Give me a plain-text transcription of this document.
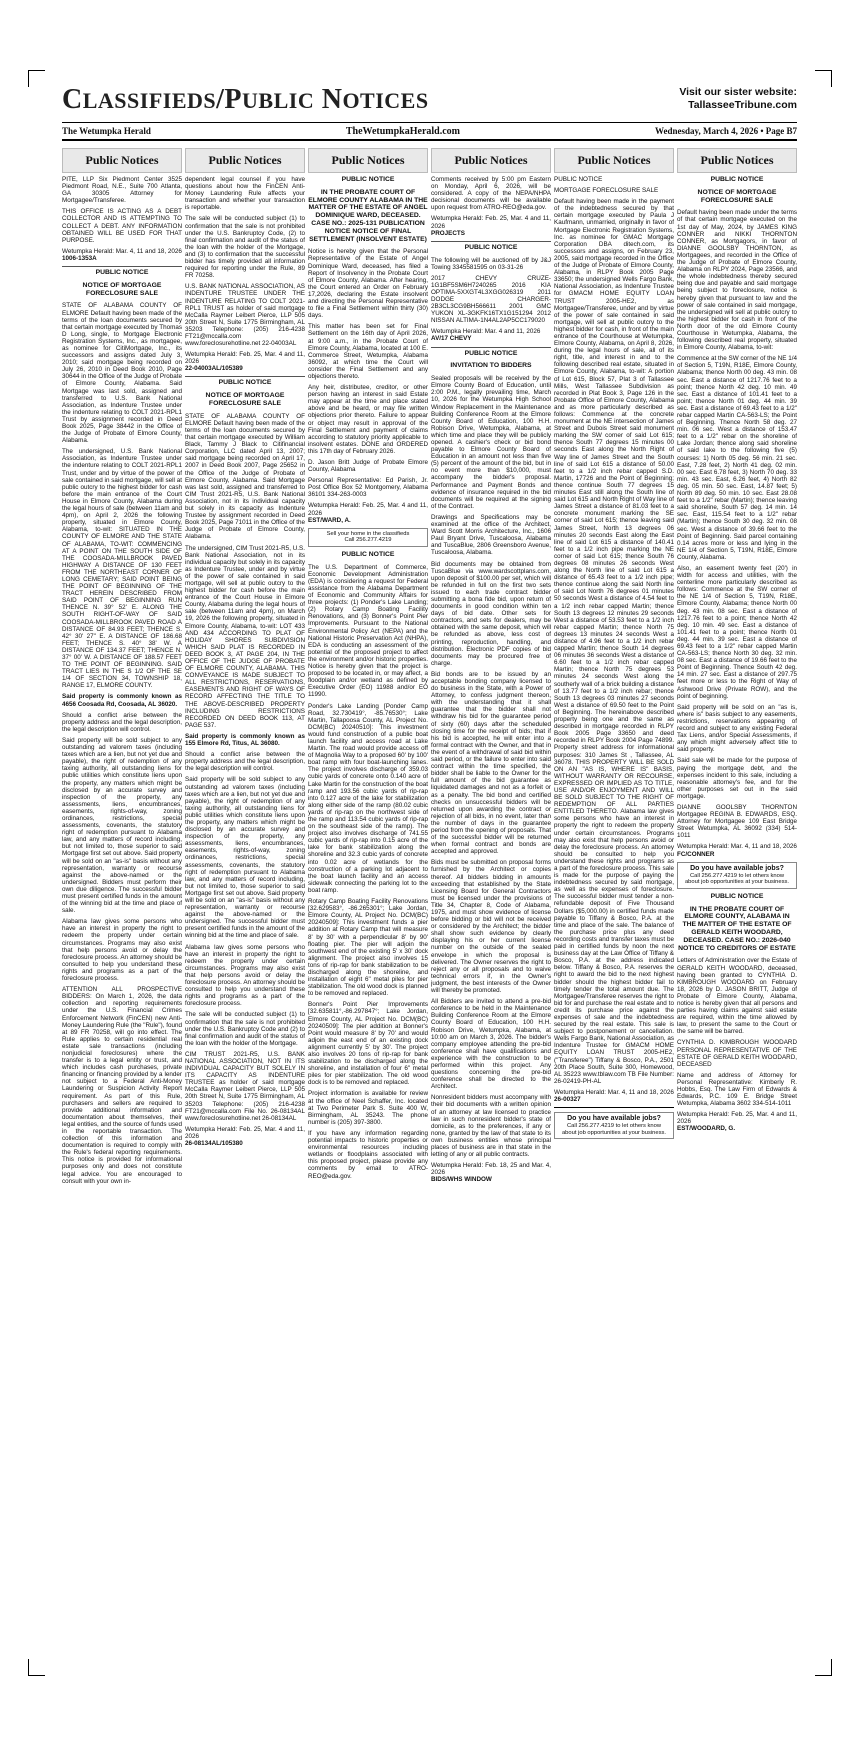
CLASSIFIEDS/PUBLIC NOTICES	Visit our sister website:
TallasseeTribune.com
The Wetumpka Herald	TheWetumpkaHerald.com	Wednesday, March 4, 2026 • Page B7
Public Notices

PITE, LLP Six Piedmont Center 3525 Piedmont Road, N.E., Suite 700 Atlanta, GA 30305 Attorney for Mortgagee/Transferee.

THIS OFFICE IS ACTING AS A DEBT COLLECTOR AND IS ATTEMPTING TO COLLECT A DEBT. ANY INFORMATION OBTAINED WILL BE USED FOR THAT PURPOSE.

Wetumpka Herald: Mar. 4, 11 and 18, 2026

1006-1353A

PUBLIC NOTICE
NOTICE OF MORTGAGE FORECLOSURE SALE

STATE OF ALABAMA COUNTY OF ELMORE Default having been made of the terms of the loan documents secured by that certain mortgage executed by Thomas D Long, single, to Mortgage Electronic Registration Systems, Inc., as mortgagee, as nominee for CitiMortgage, Inc., its successors and assigns dated July 3, 2010; said mortgage being recorded on July 26, 2010 in Deed Book 2010, Page 30644 in the Office of the Judge of Probate of Elmore County, Alabama. Said Mortgage was last sold, assigned and transferred to U.S. Bank National Association, as Indenture Trustee under the indenture relating to COLT 2021-RPL1 Trust by assignment recorded in Deed Book 2025, Page 38442 in the Office of the Judge of Probate of Elmore County, Alabama.

The undersigned, U.S. Bank National Association, as Indenture Trustee under the indenture relating to COLT 2021-RPL1 Trust, under and by virtue of the power of sale contained in said mortgage, will sell at public outcry to the highest bidder for cash before the main entrance of the Court House in Elmore County, Alabama during the legal hours of sale (between 11am and 4pm), on April 2, 2026 the following property, situated in Elmore County, Alabama, to-wit: SITUATED IN THE COUNTY OF ELMORE AND THE STATE OF ALABAMA, TO-WIT: COMMENCING AT A POINT ON THE SOUTH SIDE OF THE COOSADA-MILLBROOK PAVED HIGHWAY A DISTANCE OF 130 FEET FROM THE NORTHEAST CORNER OF LONG CEMETARY; SAID POINT BEING THE POINT OF BEGINNING OF THE TRACT HEREIN DESCRIBED FROM SAID POINT OF BEGINNING RUN THENCE N. 39° 52' E. ALONG THE SOUTH RIGHT-OF-WAY OF SAID COOSADA-MILLBROOK PAVED ROAD A DISTANCE OF 84.93 FEET; THENCE S. 42° 30' 27" E. A DISTANCE OF 186.68 FEET; THENCE S. 40° 38' W. A DISTANCE OF 134.37 FEET; THENCE N. 37° 00' W. A DISTANCE OF 188.57 FEET TO THE POINT OF BEGINNING. SAID TRACT LIES IN THE S 1/2 OF THE SE 1/4 OF SECTION 34, TOWNSHIP 18, RANGE 17, ELMORE COUNTY.

Said property is commonly known as 4656 Coosada Rd, Coosada, AL 36020.

Should a conflict arise between the property address and the legal description, the legal description will control.

Said property will be sold subject to any outstanding ad valorem taxes (including taxes which are a lien, but not yet due and payable), the right of redemption of any taxing authority, all outstanding liens for public utilities which constitute liens upon the property, any matters which might be disclosed by an accurate survey and inspection of the property, any assessments, liens, encumbrances, easements, rights-of-way, zoning ordinances, restrictions, special assessments, covenants, the statutory right of redemption pursuant to Alabama law, and any matters of record including, but not limited to, those superior to said Mortgage first set out above. Said property will be sold on an "as-is" basis without any representation, warranty or recourse against the above-named or the undersigned. Bidders must perform their own due diligence. The successful bidder must present certified funds in the amount of the winning bid at the time and place of sale.

Alabama law gives some persons who have an interest in property the right to redeem the property under certain circumstances. Programs may also exist that help persons avoid or delay the foreclosure process. An attorney should be consulted to help you understand these rights and programs as a part of the foreclosure process.

ATTENTION ALL PROSPECTIVE BIDDERS: On March 1, 2026, the data collection and reporting requirements under the U.S. Financial Crimes Enforcement Network (FinCEN) new Anti-Money Laundering Rule (the "Rule"), found at 89 FR 70258, will go into effect. The Rule applies to certain residential real estate sale transactions (including nonjudicial foreclosures) where the transfer is to a legal entity or trust, and which includes cash purchases, private financing or financing provided by a lender not subject to a Federal Anti-Money Laundering or Suspicion Activity Report requirement. As part of this Rule, purchasers and sellers are required to provide additional information and documentation about themselves, their legal entities, and the source of funds used in the reportable transaction. The collection of this information and documentation is required to comply with the Rule's federal reporting requirements. This notice is provided for informational purposes only and does not constitute legal advice. You are encouraged to consult with your own in-

Public Notices

dependent legal counsel if you have questions about how the FinCEN Anti-Money Laundering Rule affects your transaction and whether your transaction is reportable.

The sale will be conducted subject (1) to confirmation that the sale is not prohibited under the U.S. Bankruptcy Code, (2) to final confirmation and audit of the status of the loan with the holder of the Mortgage, and (3) to confirmation that the successful bidder has timely provided all information required for reporting under the Rule, 89 FR 70258.

U.S. BANK NATIONAL ASSOCIATION, AS INDENTURE TRUSTEE UNDER THE INDENTURE RELATING TO COLT 2021-RPL1 TRUST as holder of said mortgage McCalla Raymer Leibert Pierce, LLP 505 20th Street N, Suite 1775 Birmingham, AL 35203 Telephone: (205) 216-4238 FT21@mccalla.com www.foreclosurehotline.net 22-04003AL

Wetumpka Herald: Feb. 25, Mar. 4 and 11, 2026

22-04003AL/105389

PUBLIC NOTICE
NOTICE OF MORTGAGE FORECLOSURE SALE

STATE OF ALABAMA COUNTY OF ELMORE Default having been made of the terms of the loan documents secured by that certain mortgage executed by William Black, Tammy J Black to Citifinancial Corporation, LLC dated April 13, 2007; said mortgage being recorded on April 17, 2007 in Deed Book 2007, Page 25652 in the Office of the Judge of Probate of Elmore County, Alabama. Said Mortgage was last sold, assigned and transferred to CIM Trust 2021-R5, U.S. Bank National Association, not in its individual capacity but solely in its capacity as Indenture Trustee by assignment recorded in Deed Book 2025, Page 71011 in the Office of the Judge of Probate of Elmore County, Alabama.

The undersigned, CIM Trust 2021-R5, U.S. Bank National Association, not in its individual capacity but solely in its capacity as Indenture Trustee, under and by virtue of the power of sale contained in said mortgage, will sell at public outcry to the highest bidder for cash before the main entrance of the Court House in Elmore County, Alabama during the legal hours of sale (between 11am and 4pm), on March 19, 2026 the following property, situated in Elmore County, Alabama, to-wit: LOT 433 AND 434 ACCORDING TO PLAT OF HOLIDAY SHORES SUBDIVISION WHICH SAID PLAT IS RECORDED IN DEED BOOK 3, AT PAGE 204, IN THE OFFICE OF THE JUDGE OF PROBATE OF ELMORE COUNTY, ALABAMA. THIS CONVEYANCE IS MADE SUBJECT TO ALL RESTRICTIONS, RESERVATIONS, EASEMENTS AND RIGHT OF WAYS OF RECORD AFFECTING THE TITLE TO THE ABOVE-DESCRIBED PROPERTY INCLUDING RESTRICTIONS RECORDED ON DEED BOOK 113, AT PAGE 537.

Said property is commonly known as 155 Elmore Rd, Titus, AL 36080.

Should a conflict arise between the property address and the legal description, the legal description will control.

Said property will be sold subject to any outstanding ad valorem taxes (including taxes which are a lien, but not yet due and payable), the right of redemption of any taxing authority, all outstanding liens for public utilities which constitute liens upon the property, any matters which might be disclosed by an accurate survey and inspection of the property, any assessments, liens, encumbrances, easements, rights-of-way, zoning ordinances, restrictions, special assessments, covenants, the statutory right of redemption pursuant to Alabama law, and any matters of record including, but not limited to, those superior to said Mortgage first set out above. Said property will be sold on an "as-is" basis without any representation, warranty or recourse against the above-named or the undersigned. The successful bidder must present certified funds in the amount of the winning bid at the time and place of sale.

Alabama law gives some persons who have an interest in property the right to redeem the property under certain circumstances. Programs may also exist that help persons avoid or delay the foreclosure process. An attorney should be consulted to help you understand these rights and programs as a part of the foreclosure process.

The sale will be conducted subject (1) to confirmation that the sale is not prohibited under the U.S. Bankruptcy Code and (2) to final confirmation and audit of the status of the loan with the holder of the Mortgage.

CIM TRUST 2021-R5, U.S. BANK NATIONAL ASSOCIATION, NOT IN ITS INDIVIDUAL CAPACITY BUT SOLELY IN ITS CAPACITY AS INDENTURE TRUSTEE as holder of said mortgage McCalla Raymer Leibert Pierce, LLP 505 20th Street N, Suite 1775 Birmingham, AL 35203 Telephone: (205) 216-4238 FT21@mccalla.com File No. 26-08134AL www.foreclosurehotline.net 26-08134AL

Wetumpka Herald: Feb. 25, Mar. 4 and 11, 2026

26-08134AL/105380

Public Notices
PUBLIC NOTICE
IN THE PROBATE COURT OF ELMORE COUNTY ALABAMA IN THE MATTER OF THE ESTATE OF ANGEL DOMINIQUE WARD, DECEASED. CASE NO.: 2025-131 PUBLICATION NOTICE NOTICE OF FINAL SETTLEMENT (INSOLVENT ESTATE)

Notice is hereby given that the Personal Representative of the Estate of Angel Dominique Ward, deceased, has filed a Report of Insolvency in the Probate Court of Elmore County, Alabama. After hearing, the Court entered an Order on February 17,2026, declaring the Estate insolvent and directing the Personal Representative to file a Final Settlement within thirty (30) days.

This matter has been set for Final Settlement on the 16th day of April 2026, at 9:00 a.m., in the Probate Court of Elmore County, Alabama, located at 100 E. Commerce Street, Wetumpka, Alabama 36092, at which time the Court will consider the Final Settlement and any objections thereto.

Any heir, distributee, creditor, or other person having an interest in said Estate may appear at the time and place stated above and be heard, or may file written objections prior thereto. Failure to appear or object may result in approval of the Final Settlement and payment of claims according to statutory priority applicable to insolvent estates. DONE and ORDERED this 17th day of February 2026.

D. Jason Britt Judge of Probate Elmore County, Alabama

Personal Representative: Ed Parish, Jr. Post Office Box 52 Montgomery, Alabama 36101 334-263-0003

Wetumpka Herald: Feb. 25, Mar. 4 and 11, 2026

EST/WARD, A.

Sell your home in the classifieds
Call 256.277.4219
PUBLIC NOTICE

The U.S. Department of Commerce, Economic Development Administration (EDA) is considering a request for Federal assistance from the Alabama Department of Economic and Community Affairs for three projects: (1) Ponder's Lake Landing; (2) Rotary Camp Boating Facility Renovations, and (3) Bonner's Point Pier Improvements. Pursuant to the National Environmental Policy Act (NEPA) and the National Historic Preservation Act (NHPA), EDA is conducting an assessment of the potential of the proposed project to affect the environment and/or historic properties. Notice is hereby given that the project is proposed to be located in, or may affect, a floodplain and/or wetland as defined by Executive Order (EO) 11988 and/or EO 11990.

Ponder's Lake Landing [Ponder Camp Road, 32.730419°, -85.76530°; Lake Martin, Tallapoosa County, AL Project No. DCM(BC) 20240510]: This investment would fund construction of a public boat launch facility and access road at Lake Martin. The road would provide access off of Magnolia Way to a proposed 60' by 100' boat ramp with four boat-launching lanes. The project involves discharge of 359.03 cubic yards of concrete onto 0.140 acre of Lake Martin for the construction of the boat ramp and 193.56 cubic yards of rip-rap into 0.127 acre of the lake for stabilization along either side of the ramp (80.02 cubic yards of rip-rap on the northwest side of the ramp and 113.54 cubic yards of rip-rap on the southeast side of the ramp). The project also involves discharge of 741.55 cubic yards of rip-rap into 0.15 acre of the lake for bank stabilization along the shoreline and 32.3 cubic yards of concrete into 0.02 acre of wetlands for the construction of a parking lot adjacent to the boat launch facility and an access sidewalk connecting the parking lot to the boat ramp.

Rotary Camp Boating Facility Renovations [32.629583°, -86.265301°; Lake Jordan, Elmore County, AL Project No. DCM(BC) 20240509]: This investment funds a pier addition at Rotary Camp that will measure 8' by 30' with a perpendicular 8' by 90' floating pier. The pier will adjoin the southwest end of the existing 5' x 30' dock alignment. The project also involves 15 tons of rip-rap for bank stabilization to be discharged along the shoreline, and installation of eight 6" metal piles for pier stabilization. The old wood dock is planned to be removed and replaced.

Bonner's Point Pier Improvements [32.635811°,-86.297847°; Lake Jordan, Elmore County, AL Project No. DCM(BC) 20240509]: The pier addition at Bonner's Point would measure 8' by 70' and would adjoin the east end of an existing dock alignment currently 5' by 30'. The project also involves 20 tons of rip-rap for bank stabilization to be discharged along the shoreline, and installation of four 6" metal piles for pier stabilization. The old wood dock is to be removed and replaced.

Project information is available for review at the office of Neel Schaffer, Inc. located at Two Perimeter Park S. Suite 400 W, Birmingham, AL 35243. The phone number is (205) 397-3800.

If you have any information regarding potential impacts to historic properties or environmental resources including wetlands or floodplains associated with this proposed project, please provide any comments by email to ATRO-REO@eda.gov.

Public Notices

Comments received by 5:00 pm Eastern on Monday, April 6, 2026, will be considered. A copy of the NEPA/NHPA decisional documents will be available upon request from ATRO-REO@eda.gov.

Wetumpka Herald: Feb. 25, Mar. 4 and 11, 2026

PROJECTS

PUBLIC NOTICE

The following will be auctioned off by J&J Towing 3345581595 on 03-31-26

2017 CHEVY CRUZE-1G1BF5SM6H7240265 2016 KIA OPTIMA-5XXGT4L3XGG026319 2011 DODGE CHARGER-2B3CL3CG9BH566611 2001 GMC YUKON XL-3GKFK16TX1G151294 2012 NISSAN ALTIMA-1N4AL2AP5CC179020

Wetumpka Herald: Mar. 4 and 11, 2026

AV/17 CHEVY

PUBLIC NOTICE
INVITATION TO BIDDERS

Sealed proposals will be received by the Elmore County Board of Education, until 2:00 P.M., legally prevailing time, March 10, 2026 for the Wetumpka High School Window Replacement in the Maintenance Building Conference Room at the Elmore County Board of Education, 100 H.H. Robison Drive, Wetumpka, Alabama, at which time and place they will be publicly opened. A cashier's check or bid bond payable to Elmore County Board of Education in an amount not less than five (5) percent of the amount of the bid, but in no event more than $10,000, must accompany the bidder's proposal. Performance and Payment Bonds and evidence of insurance required in the bid documents will be required at the signing of the Contract.

Drawings and Specifications may be examined at the office of the Architect, Ward Scott Morris Architecture, Inc., 1606 Paul Bryant Drive, Tuscaloosa, Alabama and TuscaBlue, 2806 Greensboro Avenue, Tuscaloosa, Alabama.

Bid documents may be obtained from TuscaBlue via www.wardscottplans.com, upon deposit of $100.00 per set, which will be refunded in full on the first two sets issued to each trade contract bidder submitting a bona fide bid, upon return of documents in good condition within ten days of bid date. Other sets for contractors, and sets for dealers, may be obtained with the same deposit, which will be refunded as above, less cost of printing, reproduction, handling, and distribution. Electronic PDF copies of bid documents may be procured free of charge.

Bid bonds are to be issued by an acceptable bonding company licensed to do business in the State, with a Power of Attorney, to confess judgment thereon, with the understanding that it shall guarantee that the bidder shall not withdraw his bid for the guarantee period of sixty (60) days after the scheduled closing time for the receipt of bids; that if his bid is accepted, he will enter into a formal contract with the Owner, and that in the event of a withdrawal of said bid within said period, or the failure to enter into said contract within the time specified, the bidder shall be liable to the Owner for the full amount of the bid guarantee as liquidated damages and not as a forfeit or as a penalty. The bid bond and certified checks on unsuccessful bidders will be returned upon awarding the contract or rejection of all bids, in no event, later than the number of days in the guarantee period from the opening of proposals. That of the successful bidder will be returned when formal contract and bonds are accepted and approved.

Bids must be submitted on proposal forms furnished by the Architect or copies thereof. All bidders bidding in amounts exceeding that established by the State Licensing Board for General Contractors must be licensed under the provisions of Title 34, Chapter 8, Code of Alabama, 1975, and must show evidence of license before bidding or bid will not be received or considered by the Architect; the bidder shall show such evidence by clearly displaying his or her current license number on the outside of the sealed envelope in which the proposal is delivered. The Owner reserves the right to reject any or all proposals and to waive technical errors if, in the Owner's judgment, the best interests of the Owner will thereby be promoted.

All Bidders are invited to attend a pre-bid conference to be held in the Maintenance Building Conference Room at the Elmore County Board of Education, 100 H.H. Robison Drive, Wetumpka, Alabama, at 10:00 am on March 3, 2026. The bidder's company employee attending the pre-bid conference shall have qualifications and experience with the construction to be performed within this project. Any questions concerning the pre-bid conference shall be directed to the Architect.

Nonresident bidders must accompany with their bid documents with a written opinion of an attorney at law licensed to practice law in such nonresident bidder's state of domicile, as to the preferences, if any or none, granted by the law of that state to its own business entities whose principal places of business are in that state in the letting of any or all public contracts.

Wetumpka Herald: Feb. 18, 25 and Mar. 4, 2026

BIDS/WHS WINDOW

Public Notices

PUBLIC NOTICE

MORTGAGE FORECLOSURE SALE

Default having been made in the payment of the indebtedness secured by that certain mortgage executed by Paula J Kaufmann, unmarried, originally in favor of Mortgage Electronic Registration Systems, Inc. as nominee for GMAC Mortgage Corporation DBA ditech.com, its successors and assigns, on February 23, 2005, said mortgage recorded in the Office of the Judge of Probate of Elmore County, Alabama, in RLPY Book 2005 Page 33650; the undersigned Wells Fargo Bank, National Association, as Indenture Trustee for GMACM HOME EQUITY LOAN TRUST 2005-HE2, as Mortgagee/Transferee, under and by virtue of the power of sale contained in said mortgage, will sell at public outcry to the highest bidder for cash, in front of the main entrance of the Courthouse at Wetumpka, Elmore County, Alabama, on April 8, 2026, during the legal hours of sale, all of its right, title, and interest in and to the following described real estate, situated in Elmore County, Alabama, to-wit: A portion of Lot 615, Block 57, Plat 3 of Tallassee Mills, West Tallassee Subdivision as recorded in Plat Book 3, Page 126 in the Probate Office of Elmore County, Alabama and as more particularly described as follows: Commence at the concrete monument at the NE intersection of James Street and Dubois Street said monument marking the SW corner of said Lot 615; thence South 77 degrees 15 minutes 00 seconds East along the North Right of Way line of James Street and the South line of said Lot 615 a distance of 50.00 feet to a 1/2 inch rebar capped S.D. Martin, 17726 and the Point of Beginning; thence continue South 77 degrees 15 minutes East still along the South line of said Lot 615 and North Right of Way line of James Street a distance of 81.03 feet to a concrete monument marking the SE corner of said Lot 615; thence leaving said James Street, North 13 degrees 06 minutes 20 seconds East along the East line of said Lot 615 a distance of 140.41 feet to a 1/2 inch pipe marking the NE corner of said Lot 615; thence South 76 degrees 08 minutes 26 seconds West along the North line of said Lot 615 a distance of 65.43 feet to a 1/2 inch pipe; thence continue along the said North line of said Lot North 76 degrees 01 minutes 50 seconds West a distance of 4.54 feet to a 1/2 inch rebar capped Martin; thence South 13 degrees 12 minutes 29 seconds West a distance of 53.53 feet to a 1/2 inch rebar capped Martin; thence North 75 degrees 13 minutes 24 seconds West a distance of 4.96 feet to a 1/2 inch rebar capped Martin; thence South 14 degrees 06 minutes 36 seconds West a distance of 6.60 feet to a 1/2 inch rebar capped Martin; thence North 75 degrees 53 minutes 24 seconds West along the southerly wall of a brick building a distance of 13.77 feet to a 1/2 inch rebar; thence South 13 degrees 03 minutes 27 seconds West a distance of 69.50 feet to the Point of Beginning. The hereinabove described property being one and the same as described in mortgage recorded in RLPY Book 2005 Page 33650 and deed recorded in RLPY Book 2004 Page 74899. Property street address for informational purposes: 310 James St , Tallassee, AL 36078. THIS PROPERTY WILL BE SOLD ON AN "AS IS, WHERE IS" BASIS, WITHOUT WARRANTY OR RECOURSE, EXPRESSED OR IMPLIED AS TO TITLE, USE AND/OR ENJOYMENT AND WILL BE SOLD SUBJECT TO THE RIGHT OF REDEMPTION OF ALL PARTIES ENTITLED THERETO. Alabama law gives some persons who have an interest in property the right to redeem the property under certain circumstances. Programs may also exist that help persons avoid or delay the foreclosure process. An attorney should be consulted to help you understand these rights and programs as a part of the foreclosure process. This sale is made for the purpose of paying the indebtedness secured by said mortgage, as well as the expenses of foreclosure. The successful bidder must tender a non-refundable deposit of Five Thousand Dollars ($5,000.00) in certified funds made payable to Tiffany & Bosco, P.A. at the time and place of the sale. The balance of the purchase price plus any deed recording costs and transfer taxes must be paid in certified funds by noon the next business day at the Law Office of Tiffany & Bosco, P.A. at the address indicated below. Tiffany & Bosco, P.A. reserves the right to award the bid to the next highest bidder should the highest bidder fail to timely tender the total amount due. The Mortgagee/Transferee reserves the right to bid for and purchase the real estate and to credit its purchase price against the expenses of sale and the indebtedness secured by the real estate. This sale is subject to postponement or cancellation. Wells Fargo Bank, National Association, as Indenture Trustee for GMACM HOME EQUITY LOAN TRUST 2005-HE2, ("Transferee") Tiffany & Bosco, P.A., 2501 20th Place South, Suite 300, Homewood, AL 35223 www.tblaw.com TB File Number: 26-02419-PH-AL

Wetumpka Herald: Mar. 4, 11 and 18, 2026

26-00327

Do you have available jobs?
Call 256.277.4219 to let others know about job opportunities at your business.
Public Notices
PUBLIC NOTICE
NOTICE OF MORTGAGE FORECLOSURE SALE

Default having been made under the terms of that certain mortgage executed on the 1st day of May, 2024, by JAMES KING CONNER and NIKKI THORNTON CONNER, as Mortgagors, in favor of DIANNE GOOLSBY THORNTON, as Mortgagees, and recorded in the Office of the Judge of Probate of Elmore County, Alabama on RLPY 2024, Page 23566, and the whole indebtedness thereby secured being due and payable and said mortgage being subject to foreclosure, notice is hereby given that pursuant to law and the power of sale contained in said mortgage, the undersigned will sell at public outcry to the highest bidder for cash in front of the North door of the old Elmore County Courthouse in Wetumpka, Alabama, the following described real property, situated in Elmore County, Alabama, to-wit:

Commence at the SW corner of the NE 1/4 of Section 5, T19N, R18E, Elmore County, Alabama; thence North 00 deg. 43 min. 08 sec. East a distance of 1217.76 feet to a point; thence North 42 deg. 10 min. 49 sec. East a distance of 101.41 feet to a point; thence North 01 deg. 44 min. 39 sec. East a distance of 69.43 feet to a 1/2" rebar capped Martin CA-563-LS; the Point of Beginning. Thence North 58 deg. 27 min. 06 sec. West a distance of 153.47 feet to a 1/2" rebar on the shoreline of Lake Jordan; thence along said shoreline of said lake to the following five (5) courses: 1) North 05 deg. 56 min. 21 sec. East, 7.28 feet, 2) North 41 deg. 02 min. 00 sec. East 6.78 feet, 3) North 70 deg. 33 min. 43 sec. East, 6.26 feet, 4) North 82 deg. 05 min. 50 sec. East, 14.87 feet; 5) North 89 deg. 50 min. 10 sec. East 28.08 feet to a 1/2" rebar (Martin); thence leaving said shoreline, South 57 deg. 14 min. 14 sec. East, 115.54 feet to a 1/2" rebar (Martin); thence South 30 deg. 32 min. 08 sec. West a distance of 39.66 feet to the Point of Beginning. Said parcel containing 0.14 acres more or less and lying in the NE 1/4 of Section 5, T19N, R18E, Elmore County, Alabama.

Also, an easement twenty feet (20') in width for access and utilities, with the centerline more particularly described as follows: Commence at the SW corner of the NE 1/4 of Section 5, T19N, R18E, Elmore County, Alabama; thence North 00 deg. 43 min. 08 sec. East a distance of 1217.76 feet to a point; thence North 42 deg. 10 min. 49 sec. East a distance of 101.41 feet to a point; thence North 01 deg. 44 min. 39 sec. East a distance of 69.43 feet to a 1/2" rebar capped Martin CA-563-LS; thence North 30 deg. 32 min. 08 sec. East a distance of 19.66 feet to the Point of Beginning. Thence South 42 deg. 14 min. 27 sec. East a distance of 297.75 feet more or less to the Right of Way of Ashwood Drive (Private ROW), and the point of beginning.

Said property will be sold on an "as is, where is" basis subject to any easements, restrictions, reservations appearing of record and subject to any existing Federal Tax Liens, and/or Special Assessments, if any which might adversely affect title to said property.

Said sale will be made for the purpose of paying the mortgage debt, and the expenses incident to this sale, including a reasonable attorney's fee, and for the other purposes set out in the said mortgage.

DIANNE GOOLSBY THORNTON Mortgagee REGINA B. EDWARDS, ESQ. Attorney for Mortgagee 109 East Bridge Street Wetumpka, AL 36092 (334) 514-1011

Wetumpka Herald: Mar. 4, 11 and 18, 2026

FC/CONNER

Do you have available jobs?
Call 256.277.4219 to let others know about job opportunities at your business.
PUBLIC NOTICE
IN THE PROBATE COURT OF ELMORE COUNTY, ALABAMA IN THE MATTER OF THE ESTATE OF GERALD KEITH WOODARD, DECEASED. CASE NO.: 2026-040 NOTICE TO CREDITORS OF ESTATE

Letters of Administration over the Estate of GERALD KEITH WOODARD, deceased, having been granted to CYNTHIA D. KIMBROUGH WOODARD on February 18, 2026 by D. JASON BRITT, Judge of Probate of Elmore County, Alabama, notice is hereby given that all persons and parties having claims against said estate are required, within the time allowed by law, to present the same to the Court or the same will be barred.

CYNTHIA D. KIMBROUGH WOODARD PERSONAL REPRESENTATIVE OF THE ESTATE OF GERALD KEITH WOODARD, DECEASED

Name and address of Attorney for Personal Representative: Kimberly R. Hobbs, Esq. The Law Firm of Edwards & Edwards, P.C. 109 E. Bridge Street Wetumpka, Alabama 3602 334-514-1011

Wetumpka Herald: Feb. 25, Mar. 4 and 11, 2026

EST/WOODARD, G.
